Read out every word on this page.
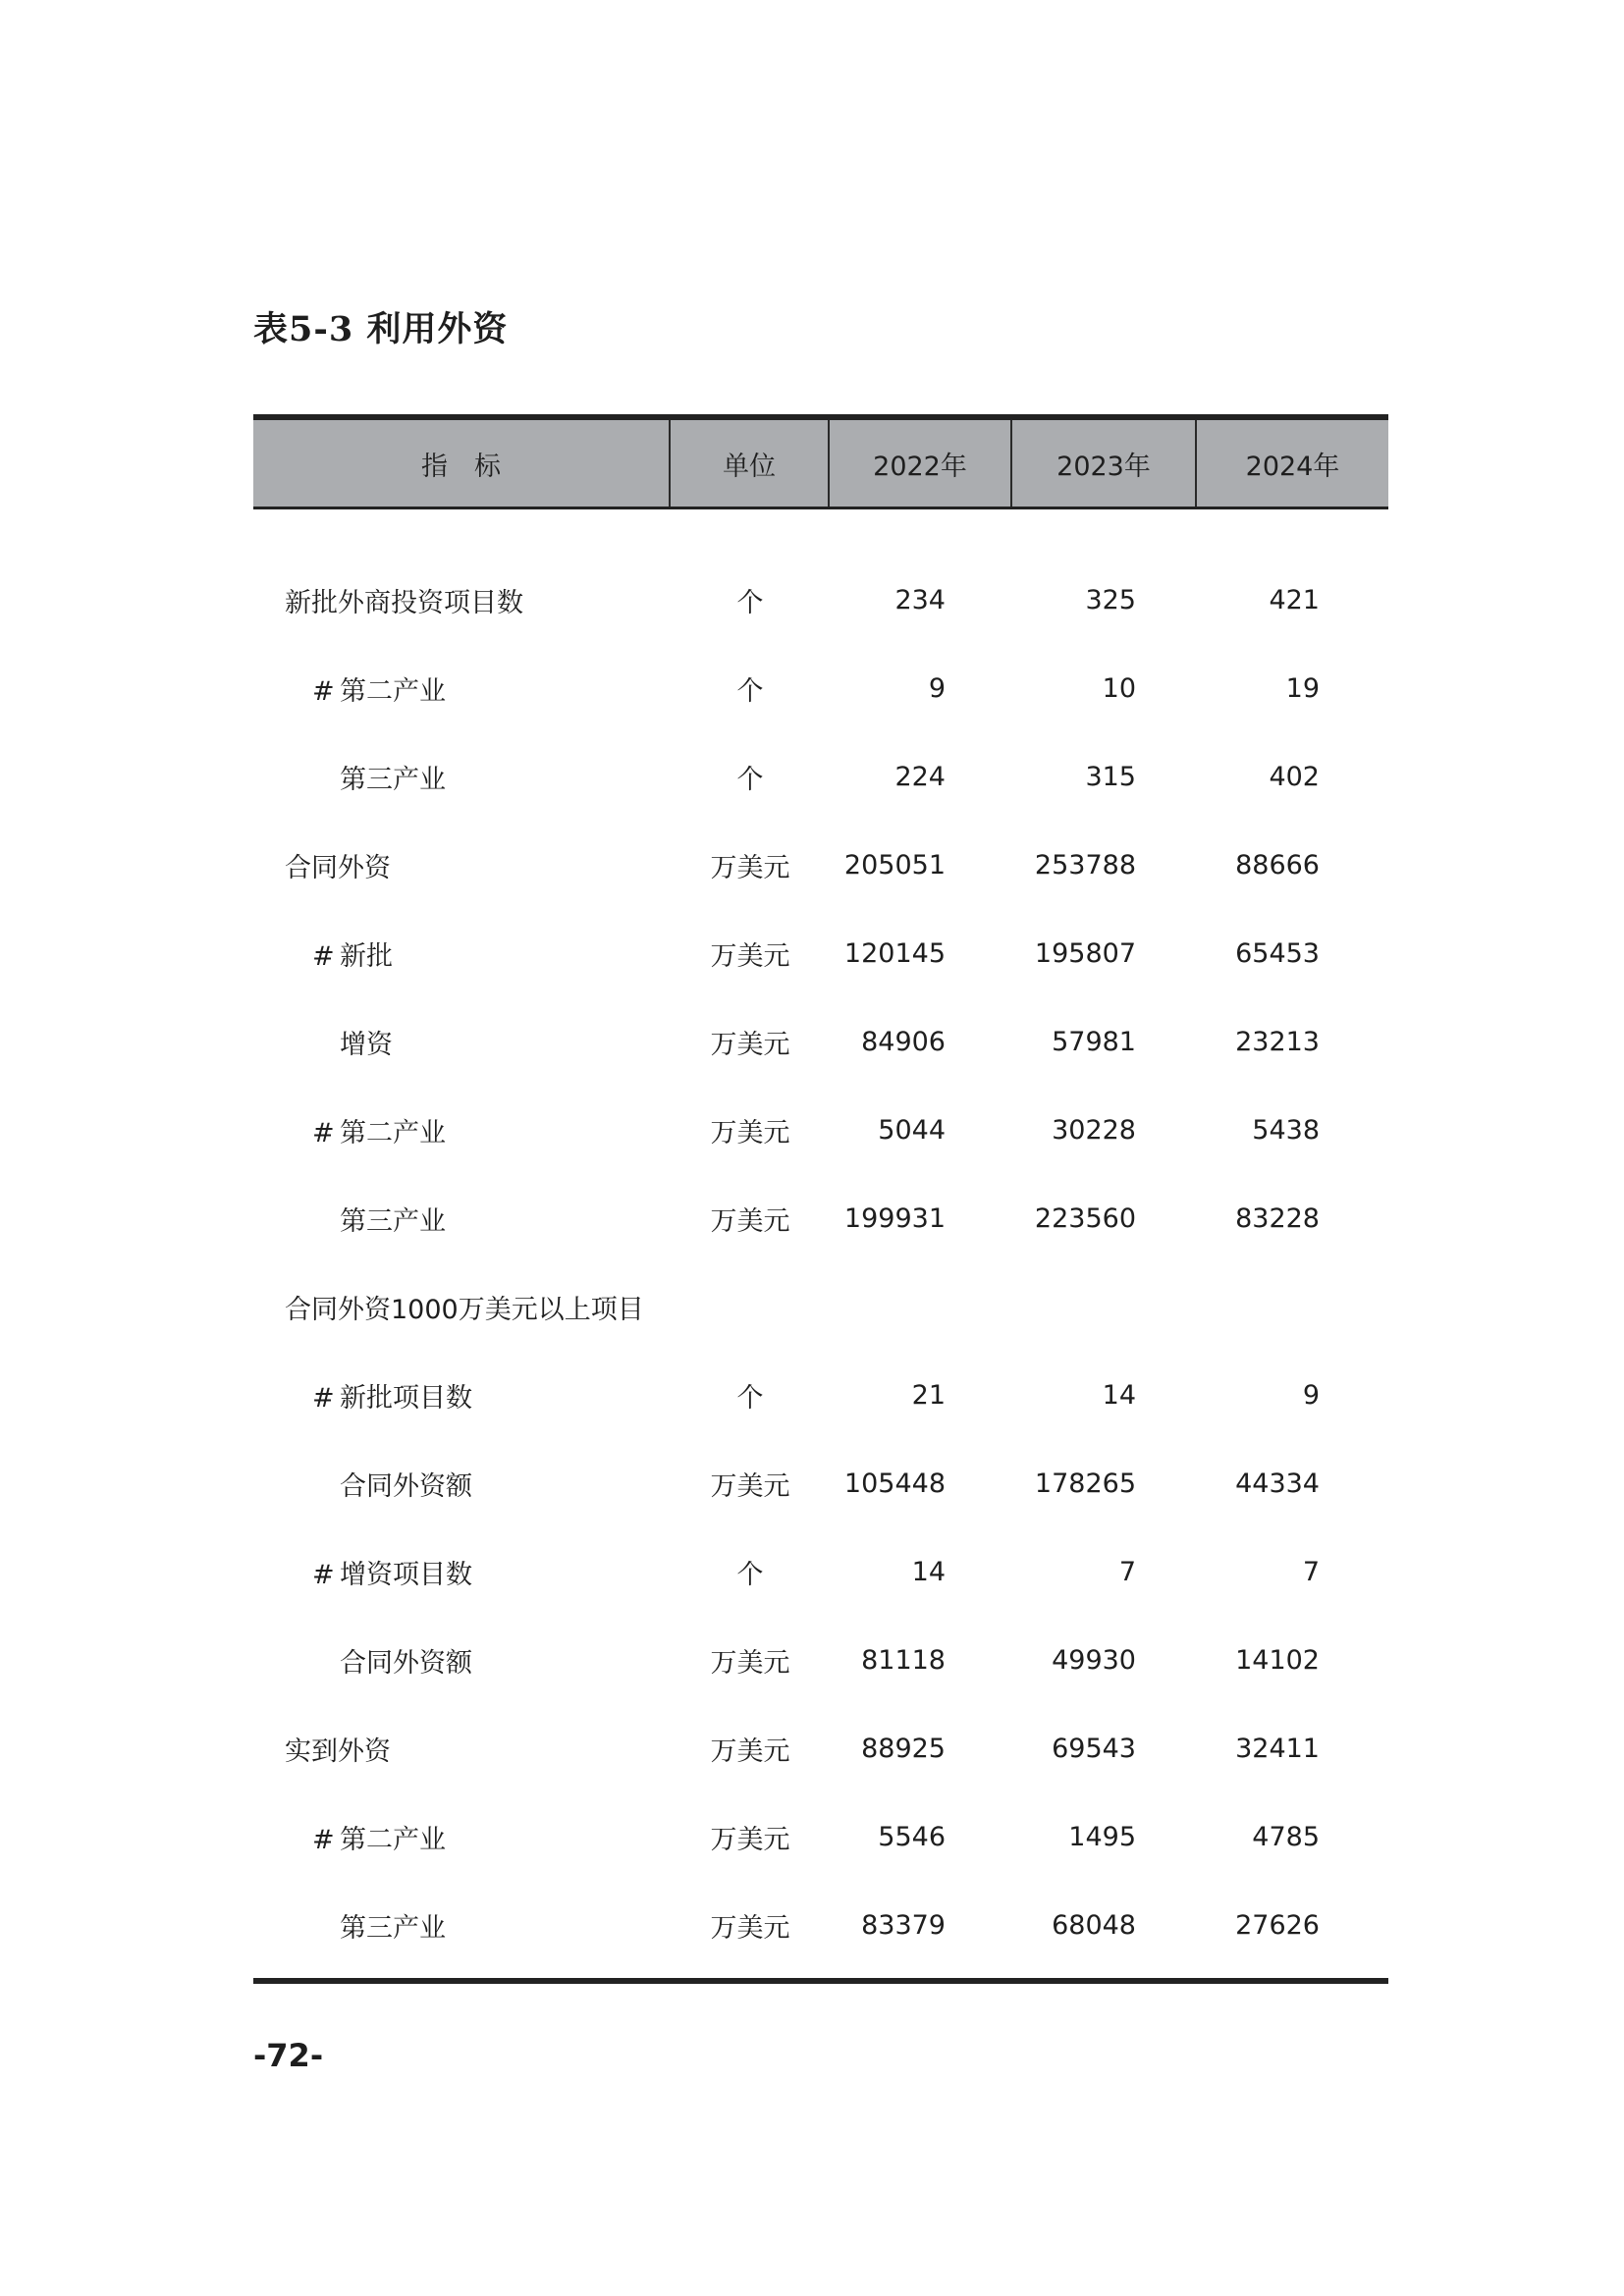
表5-3 利用外资
指　标	单位	2022年	2023年	2024年
新批外商投资项目数	个	234	325	421
# 第二产业	个	9	10	19
第三产业	个	224	315	402
合同外资	万美元	205051	253788	88666
# 新批	万美元	120145	195807	65453
增资	万美元	84906	57981	23213
# 第二产业	万美元	5044	30228	5438
第三产业	万美元	199931	223560	83228
合同外资1000万美元以上项目
# 新批项目数	个	21	14	9
合同外资额	万美元	105448	178265	44334
# 增资项目数	个	14	7	7
合同外资额	万美元	81118	49930	14102
实到外资	万美元	88925	69543	32411
# 第二产业	万美元	5546	1495	4785
第三产业	万美元	83379	68048	27626
-72-
